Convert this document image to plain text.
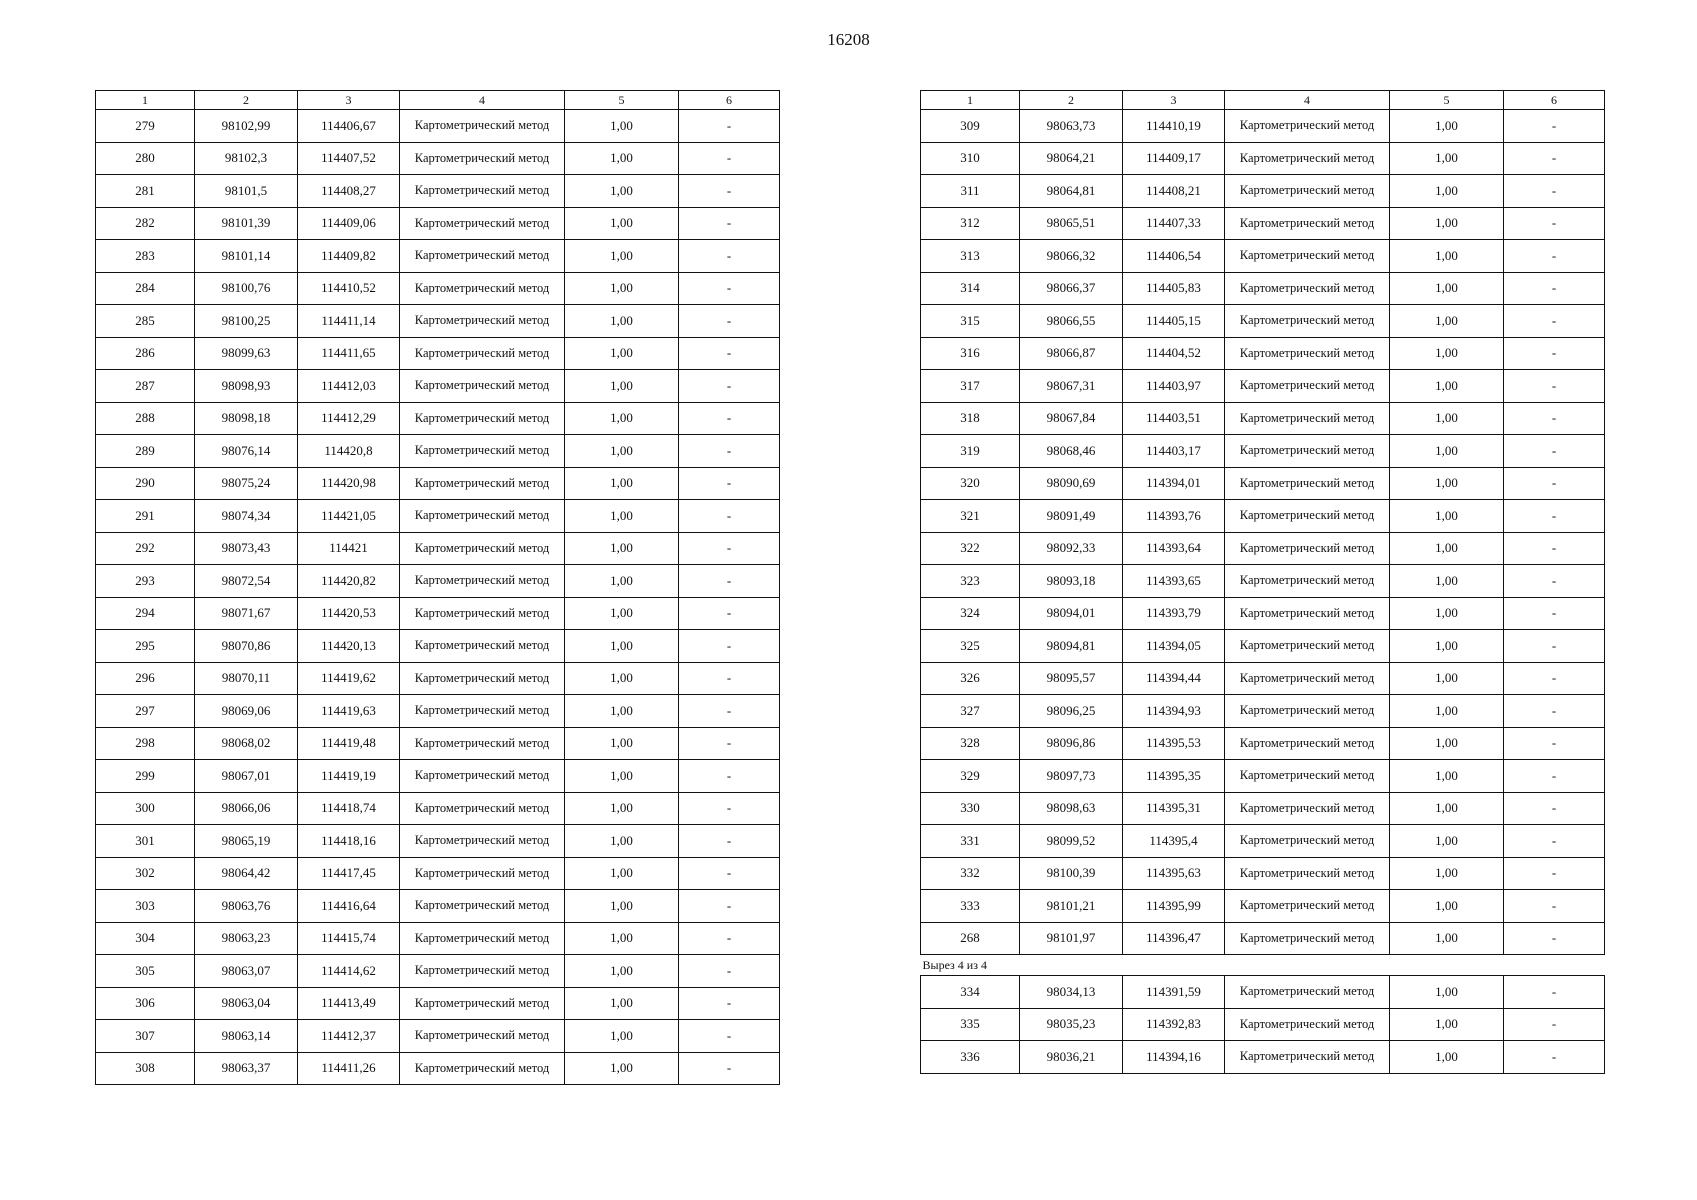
16208
1	2	3	4	5	6
279	98102,99	114406,67	Картометрический метод	1,00	-
280	98102,3	114407,52	Картометрический метод	1,00	-
281	98101,5	114408,27	Картометрический метод	1,00	-
282	98101,39	114409,06	Картометрический метод	1,00	-
283	98101,14	114409,82	Картометрический метод	1,00	-
284	98100,76	114410,52	Картометрический метод	1,00	-
285	98100,25	114411,14	Картометрический метод	1,00	-
286	98099,63	114411,65	Картометрический метод	1,00	-
287	98098,93	114412,03	Картометрический метод	1,00	-
288	98098,18	114412,29	Картометрический метод	1,00	-
289	98076,14	114420,8	Картометрический метод	1,00	-
290	98075,24	114420,98	Картометрический метод	1,00	-
291	98074,34	114421,05	Картометрический метод	1,00	-
292	98073,43	114421	Картометрический метод	1,00	-
293	98072,54	114420,82	Картометрический метод	1,00	-
294	98071,67	114420,53	Картометрический метод	1,00	-
295	98070,86	114420,13	Картометрический метод	1,00	-
296	98070,11	114419,62	Картометрический метод	1,00	-
297	98069,06	114419,63	Картометрический метод	1,00	-
298	98068,02	114419,48	Картометрический метод	1,00	-
299	98067,01	114419,19	Картометрический метод	1,00	-
300	98066,06	114418,74	Картометрический метод	1,00	-
301	98065,19	114418,16	Картометрический метод	1,00	-
302	98064,42	114417,45	Картометрический метод	1,00	-
303	98063,76	114416,64	Картометрический метод	1,00	-
304	98063,23	114415,74	Картометрический метод	1,00	-
305	98063,07	114414,62	Картометрический метод	1,00	-
306	98063,04	114413,49	Картометрический метод	1,00	-
307	98063,14	114412,37	Картометрический метод	1,00	-
308	98063,37	114411,26	Картометрический метод	1,00	-
1	2	3	4	5	6
309	98063,73	114410,19	Картометрический метод	1,00	-
310	98064,21	114409,17	Картометрический метод	1,00	-
311	98064,81	114408,21	Картометрический метод	1,00	-
312	98065,51	114407,33	Картометрический метод	1,00	-
313	98066,32	114406,54	Картометрический метод	1,00	-
314	98066,37	114405,83	Картометрический метод	1,00	-
315	98066,55	114405,15	Картометрический метод	1,00	-
316	98066,87	114404,52	Картометрический метод	1,00	-
317	98067,31	114403,97	Картометрический метод	1,00	-
318	98067,84	114403,51	Картометрический метод	1,00	-
319	98068,46	114403,17	Картометрический метод	1,00	-
320	98090,69	114394,01	Картометрический метод	1,00	-
321	98091,49	114393,76	Картометрический метод	1,00	-
322	98092,33	114393,64	Картометрический метод	1,00	-
323	98093,18	114393,65	Картометрический метод	1,00	-
324	98094,01	114393,79	Картометрический метод	1,00	-
325	98094,81	114394,05	Картометрический метод	1,00	-
326	98095,57	114394,44	Картометрический метод	1,00	-
327	98096,25	114394,93	Картометрический метод	1,00	-
328	98096,86	114395,53	Картометрический метод	1,00	-
329	98097,73	114395,35	Картометрический метод	1,00	-
330	98098,63	114395,31	Картометрический метод	1,00	-
331	98099,52	114395,4	Картометрический метод	1,00	-
332	98100,39	114395,63	Картометрический метод	1,00	-
333	98101,21	114395,99	Картометрический метод	1,00	-
268	98101,97	114396,47	Картометрический метод	1,00	-
Вырез 4 из 4					
334	98034,13	114391,59	Картометрический метод	1,00	-
335	98035,23	114392,83	Картометрический метод	1,00	-
336	98036,21	114394,16	Картометрический метод	1,00	-
